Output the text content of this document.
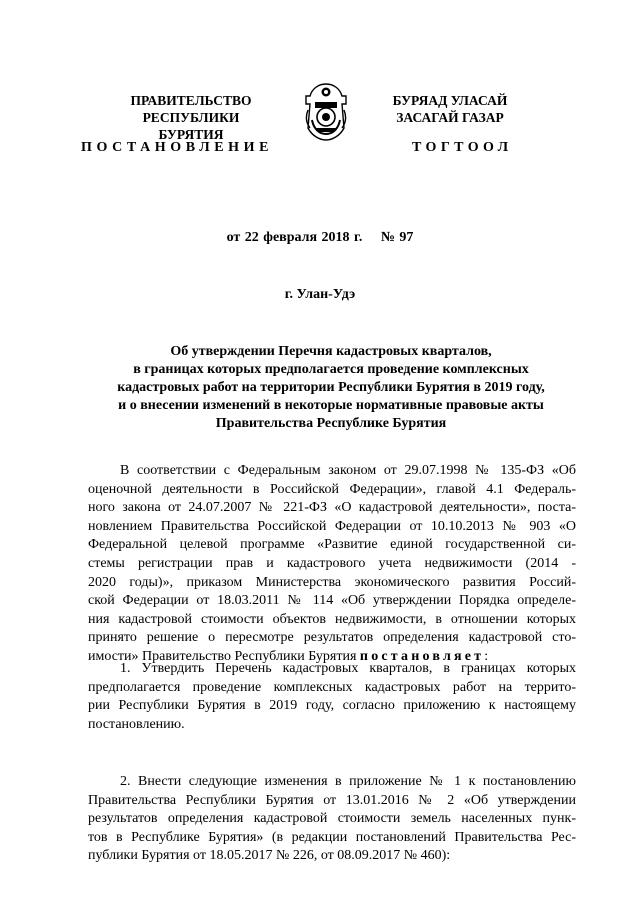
ПРАВИТЕЛЬСТВО
РЕСПУБЛИКИ БУРЯТИЯ
БУРЯАД УЛАСАЙ
ЗАСАГАЙ ГАЗАР
ПОСТАНОВЛЕНИЕ	ТОГТООЛ
от 22 февраля 2018 г. № 97
г. Улан-Удэ
Об утверждении Перечня кадастровых кварталов,
в границах которых предполагается проведение комплексных
кадастровых работ на территории Республики Бурятия в 2019 году,
и о внесении изменений в некоторые нормативные правовые акты
Правительства Республике Бурятия
В соответствии с Федеральным законом от 29.07.1998 № 135-ФЗ «Об
оценочной деятельности в Российской Федерации», главой 4.1 Федераль-
ного закона от 24.07.2007 № 221-ФЗ «О кадастровой деятельности», поста-
новлением Правительства Российской Федерации от 10.10.2013 № 903 «О
Федеральной целевой программе «Развитие единой государственной си-
стемы регистрации прав и кадастрового учета недвижимости (2014 -
2020 годы)», приказом Министерства экономического развития Россий-
ской Федерации от 18.03.2011 № 114 «Об утверждении Порядка определе-
ния кадастровой стоимости объектов недвижимости, в отношении которых
принято решение о пересмотре результатов определения кадастровой сто-
имости» Правительство Республики Бурятия постановляет:
1. Утвердить Перечень кадастровых кварталов, в границах которых
предполагается проведение комплексных кадастровых работ на террито-
рии Республики Бурятия в 2019 году, согласно приложению к настоящему
постановлению.
2. Внести следующие изменения в приложение № 1 к постановлению
Правительства Республики Бурятия от 13.01.2016 № 2 «Об утверждении
результатов определения кадастровой стоимости земель населенных пунк-
тов в Республике Бурятия» (в редакции постановлений Правительства Рес-
публики Бурятия от 18.05.2017 № 226, от 08.09.2017 № 460):
